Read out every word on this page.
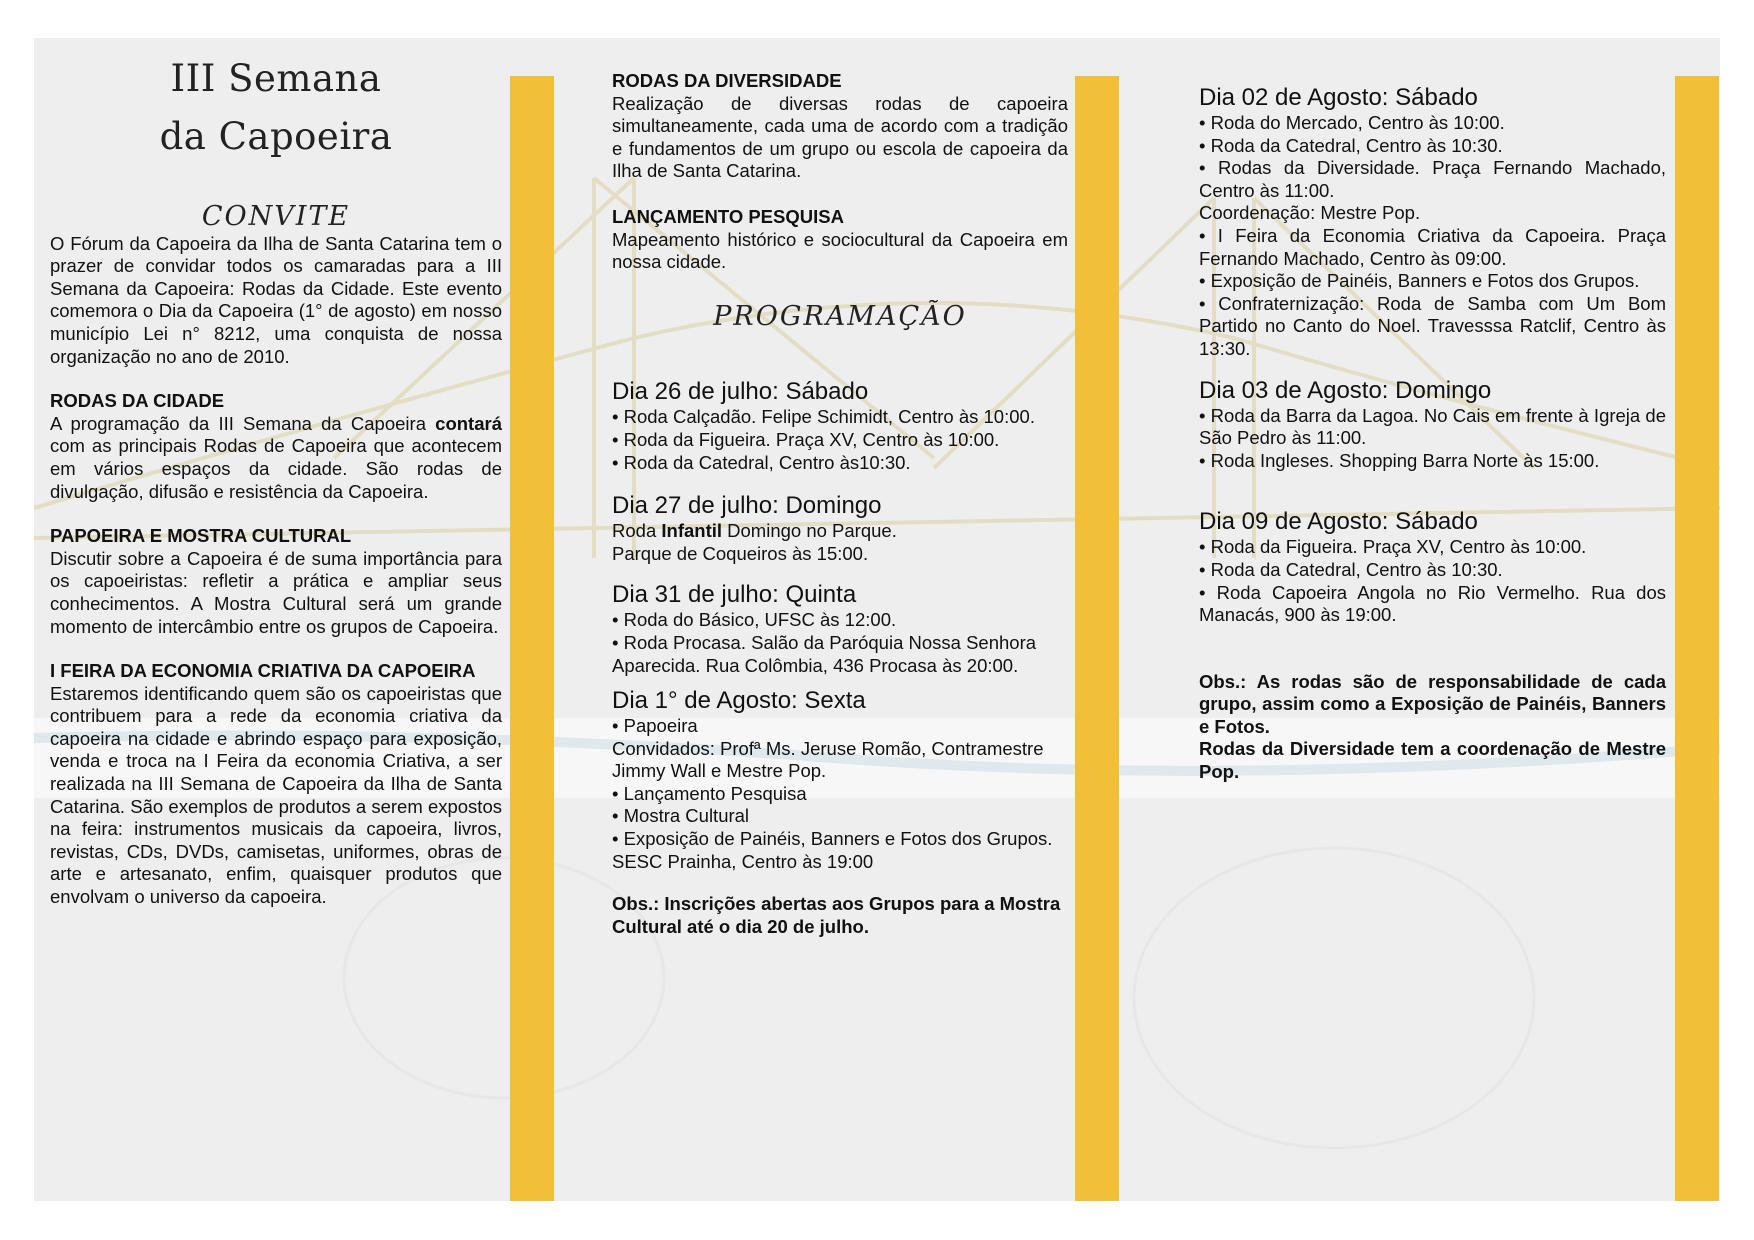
III Semana
da Capoeira
CONVITE

O Fórum da Capoeira da Ilha de Santa Catarina tem o prazer de convidar todos os camaradas para a III Semana da Capoeira: Rodas da Cidade. Este evento comemora o Dia da Capoeira (1° de agosto) em nosso município Lei n° 8212, uma conquista de nossa organização no ano de 2010.

RODAS DA CIDADE

A programação da III Semana da Capoeira contará com as principais Rodas de Capoeira que acontecem em vários espaços da cidade. São rodas de divulgação, difusão e resistência da Capoeira.

PAPOEIRA E MOSTRA CULTURAL

Discutir sobre a Capoeira é de suma importância para os capoeiristas: refletir a prática e ampliar seus conhecimentos. A Mostra Cultural será um grande momento de intercâmbio entre os grupos de Capoeira.

I FEIRA DA ECONOMIA CRIATIVA DA CAPOEIRA

Estaremos identificando quem são os capoeiristas que contribuem para a rede da economia criativa da capoeira na cidade e abrindo espaço para exposição, venda e troca na I Feira da economia Criativa, a ser realizada na III Semana de Capoeira da Ilha de Santa Catarina. São exemplos de produtos a serem expostos na feira: instrumentos musicais da capoeira, livros, revistas, CDs, DVDs, camisetas, uniformes, obras de arte e artesanato, enfim, quaisquer produtos que envolvam o universo da capoeira.

RODAS DA DIVERSIDADE

Realização de diversas rodas de capoeira simultaneamente, cada uma de acordo com a tradição e fundamentos de um grupo ou escola de capoeira da Ilha de Santa Catarina.

LANÇAMENTO PESQUISA

Mapeamento histórico e sociocultural da Capoeira em nossa cidade.

PROGRAMAÇÃO

Dia 26 de julho: Sábado

• Roda Calçadão. Felipe Schimidt, Centro às 10:00.

• Roda da Figueira. Praça XV, Centro às 10:00.

• Roda da Catedral, Centro às10:30.

Dia 27 de julho: Domingo

Roda Infantil Domingo no Parque.

Parque de Coqueiros às 15:00.

Dia 31 de julho: Quinta

• Roda do Básico, UFSC às 12:00.

• Roda Procasa. Salão da Paróquia Nossa Senhora Aparecida. Rua Colômbia, 436 Procasa às 20:00.

Dia 1° de Agosto: Sexta

• Papoeira

Convidados: Profª Ms. Jeruse Romão, Contramestre Jimmy Wall e Mestre Pop.

• Lançamento Pesquisa

• Mostra Cultural

• Exposição de Painéis, Banners e Fotos dos Grupos.

SESC Prainha, Centro às 19:00

Obs.: Inscrições abertas aos Grupos para a Mostra Cultural até o dia 20 de julho.

Dia 02 de Agosto: Sábado

• Roda do Mercado, Centro às 10:00.

• Roda da Catedral, Centro às 10:30.

• Rodas da Diversidade. Praça Fernando Machado, Centro às 11:00.

Coordenação: Mestre Pop.

• I Feira da Economia Criativa da Capoeira. Praça Fernando Machado, Centro às 09:00.

• Exposição de Painéis, Banners e Fotos dos Grupos.

• Confraternização: Roda de Samba com Um Bom Partido no Canto do Noel. Travesssa Ratclif, Centro às 13:30.

Dia 03 de Agosto: Domingo

• Roda da Barra da Lagoa. No Cais em frente à Igreja de São Pedro às 11:00.

• Roda Ingleses. Shopping Barra Norte às 15:00.

Dia 09 de Agosto: Sábado

• Roda da Figueira. Praça XV, Centro às 10:00.

• Roda da Catedral, Centro às 10:30.

• Roda Capoeira Angola no Rio Vermelho. Rua dos Manacás, 900 às 19:00.

Obs.: As rodas são de responsabilidade de cada grupo, assim como a Exposição de Painéis, Banners e Fotos.

Rodas da Diversidade tem a coordenação de Mestre Pop.
